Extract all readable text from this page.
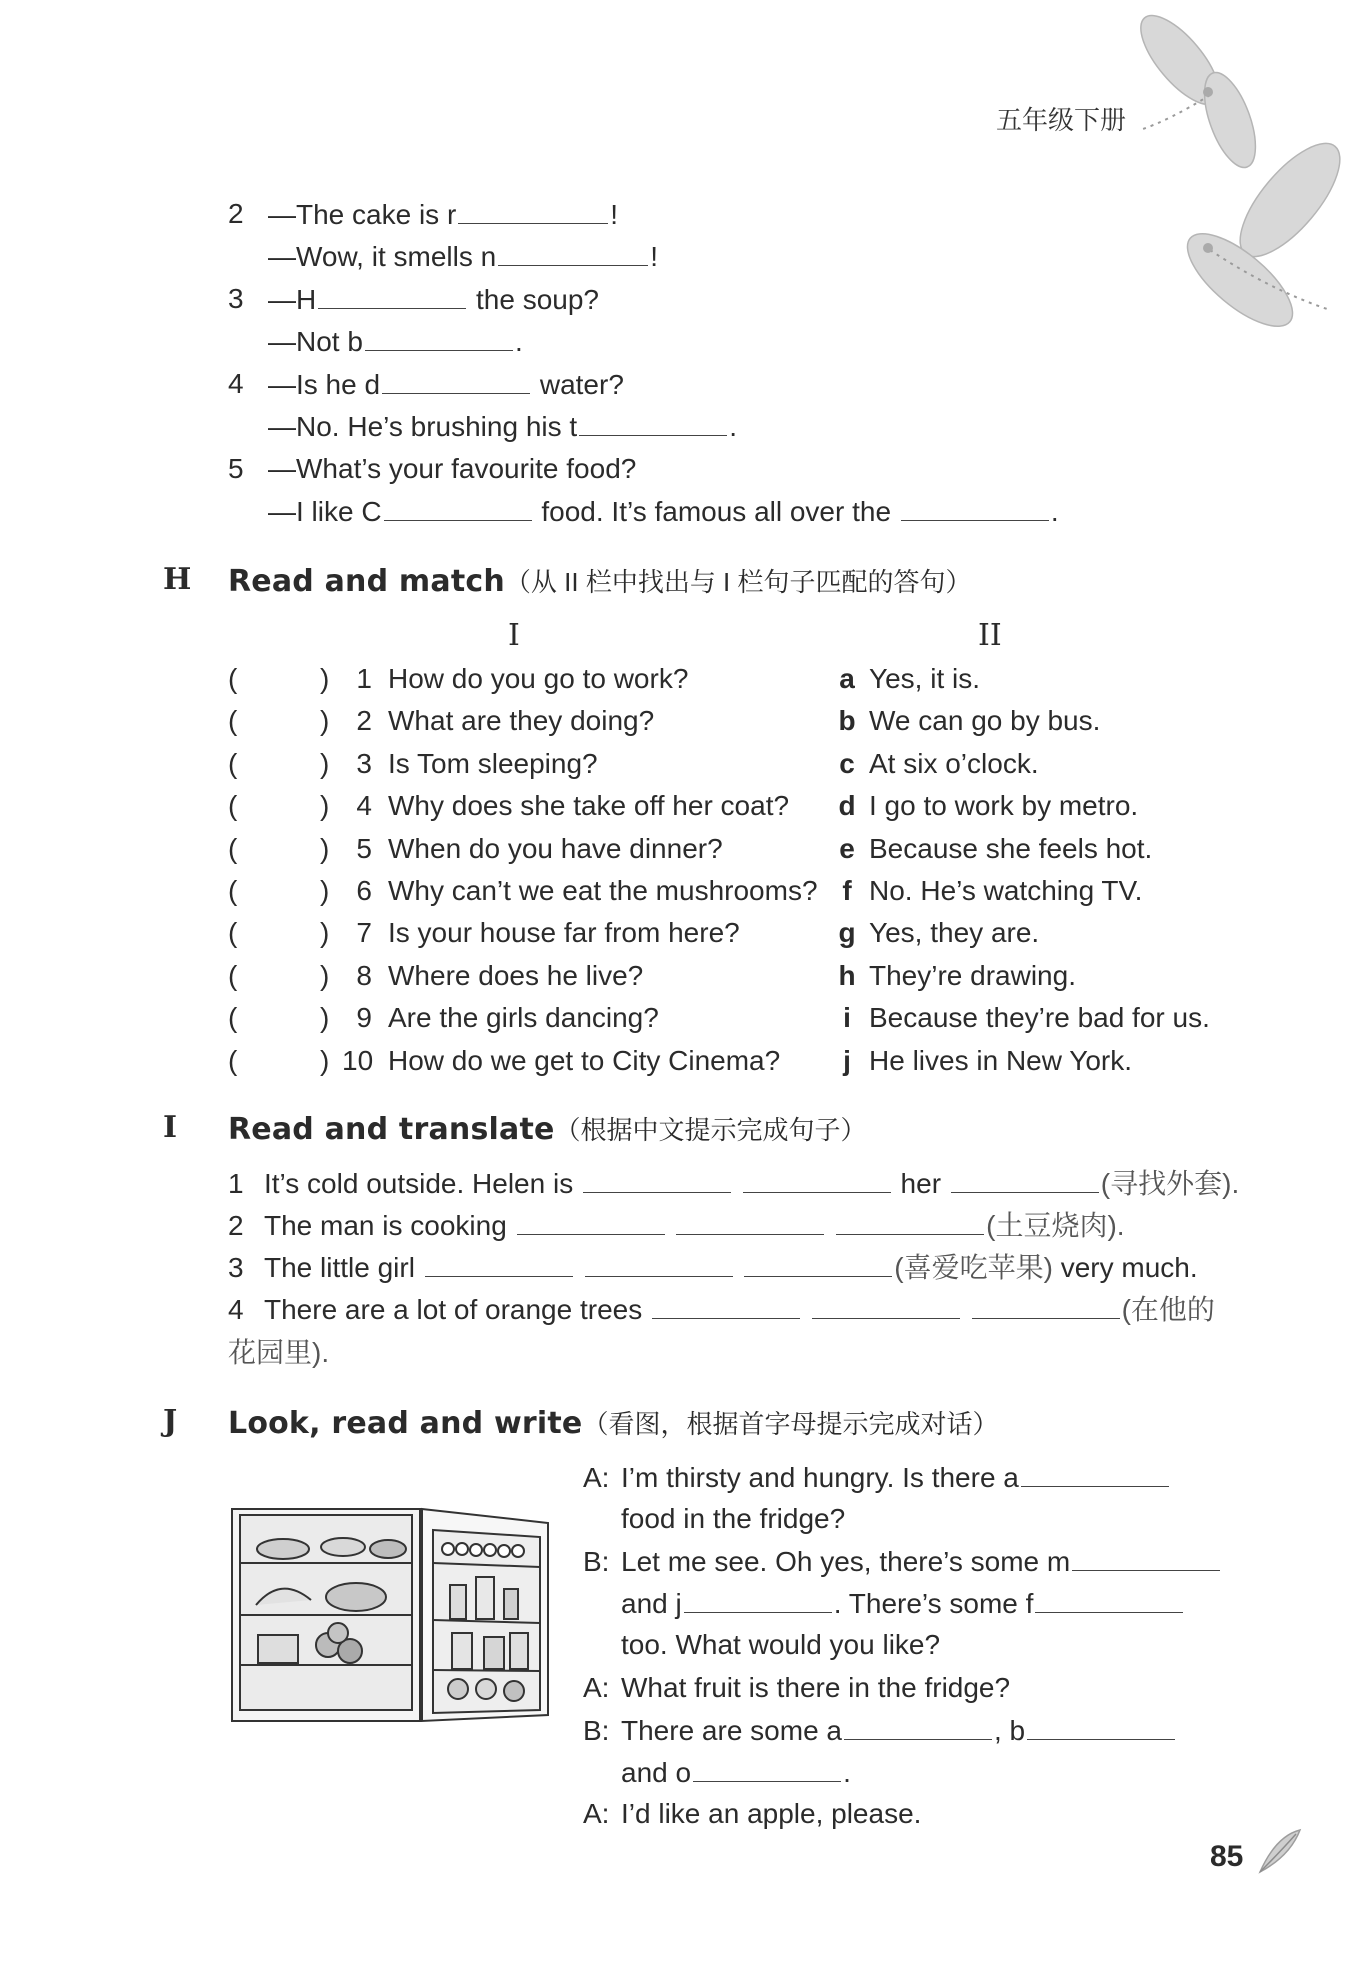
五年级下册
2 —The cake is r	!
—Wow, it smells n	!
3 —H	the soup?
—Not b	.
4 —Is he d	water?
—No. He’s brushing his t	.
5 —What’s your favourite food?
—I like C	food. It’s famous all over the	.
H Read and match（从 II 栏中找出与 I 栏句子匹配的答句）
I	II
(	) 1 How do you go to work?	a Yes, it is.
(	) 2 What are they doing?	b We can go by bus.
(	) 3 Is Tom sleeping?	c At six o’clock.
(	) 4 Why does she take off her coat? d I go to work by metro.
(	) 5 When do you have dinner?	e Because she feels hot.
(	) 6 Why can’t we eat the mushrooms? f No. He’s watching TV.
(	) 7 Is your house far from here?	g Yes, they are.
(	) 8 Where does he live?	h They’re drawing.
(	) 9 Are the girls dancing?	i Because they’re bad for us.
(	) 10 How do we get to City Cinema? j He lives in New York.
I Read and translate（根据中文提示完成句子）
1 It’s cold outside. Helen is	her	(寻找外套).
2 The man is cooking	(土豆烧肉).
3 The little girl	(喜爱吃苹果) very much.
4 There are a lot of orange trees	(在他的
花园里).
J Look, read and write（看图，根据首字母提示完成对话）
A: I’m thirsty and hungry. Is there a
food in the fridge?
B: Let me see. Oh yes, there’s some m
and j	. There’s some f
too. What would you like?
A: What fruit is there in the fridge?
B: There are some a	, b
and o	.
A: I’d like an apple, please.
85
